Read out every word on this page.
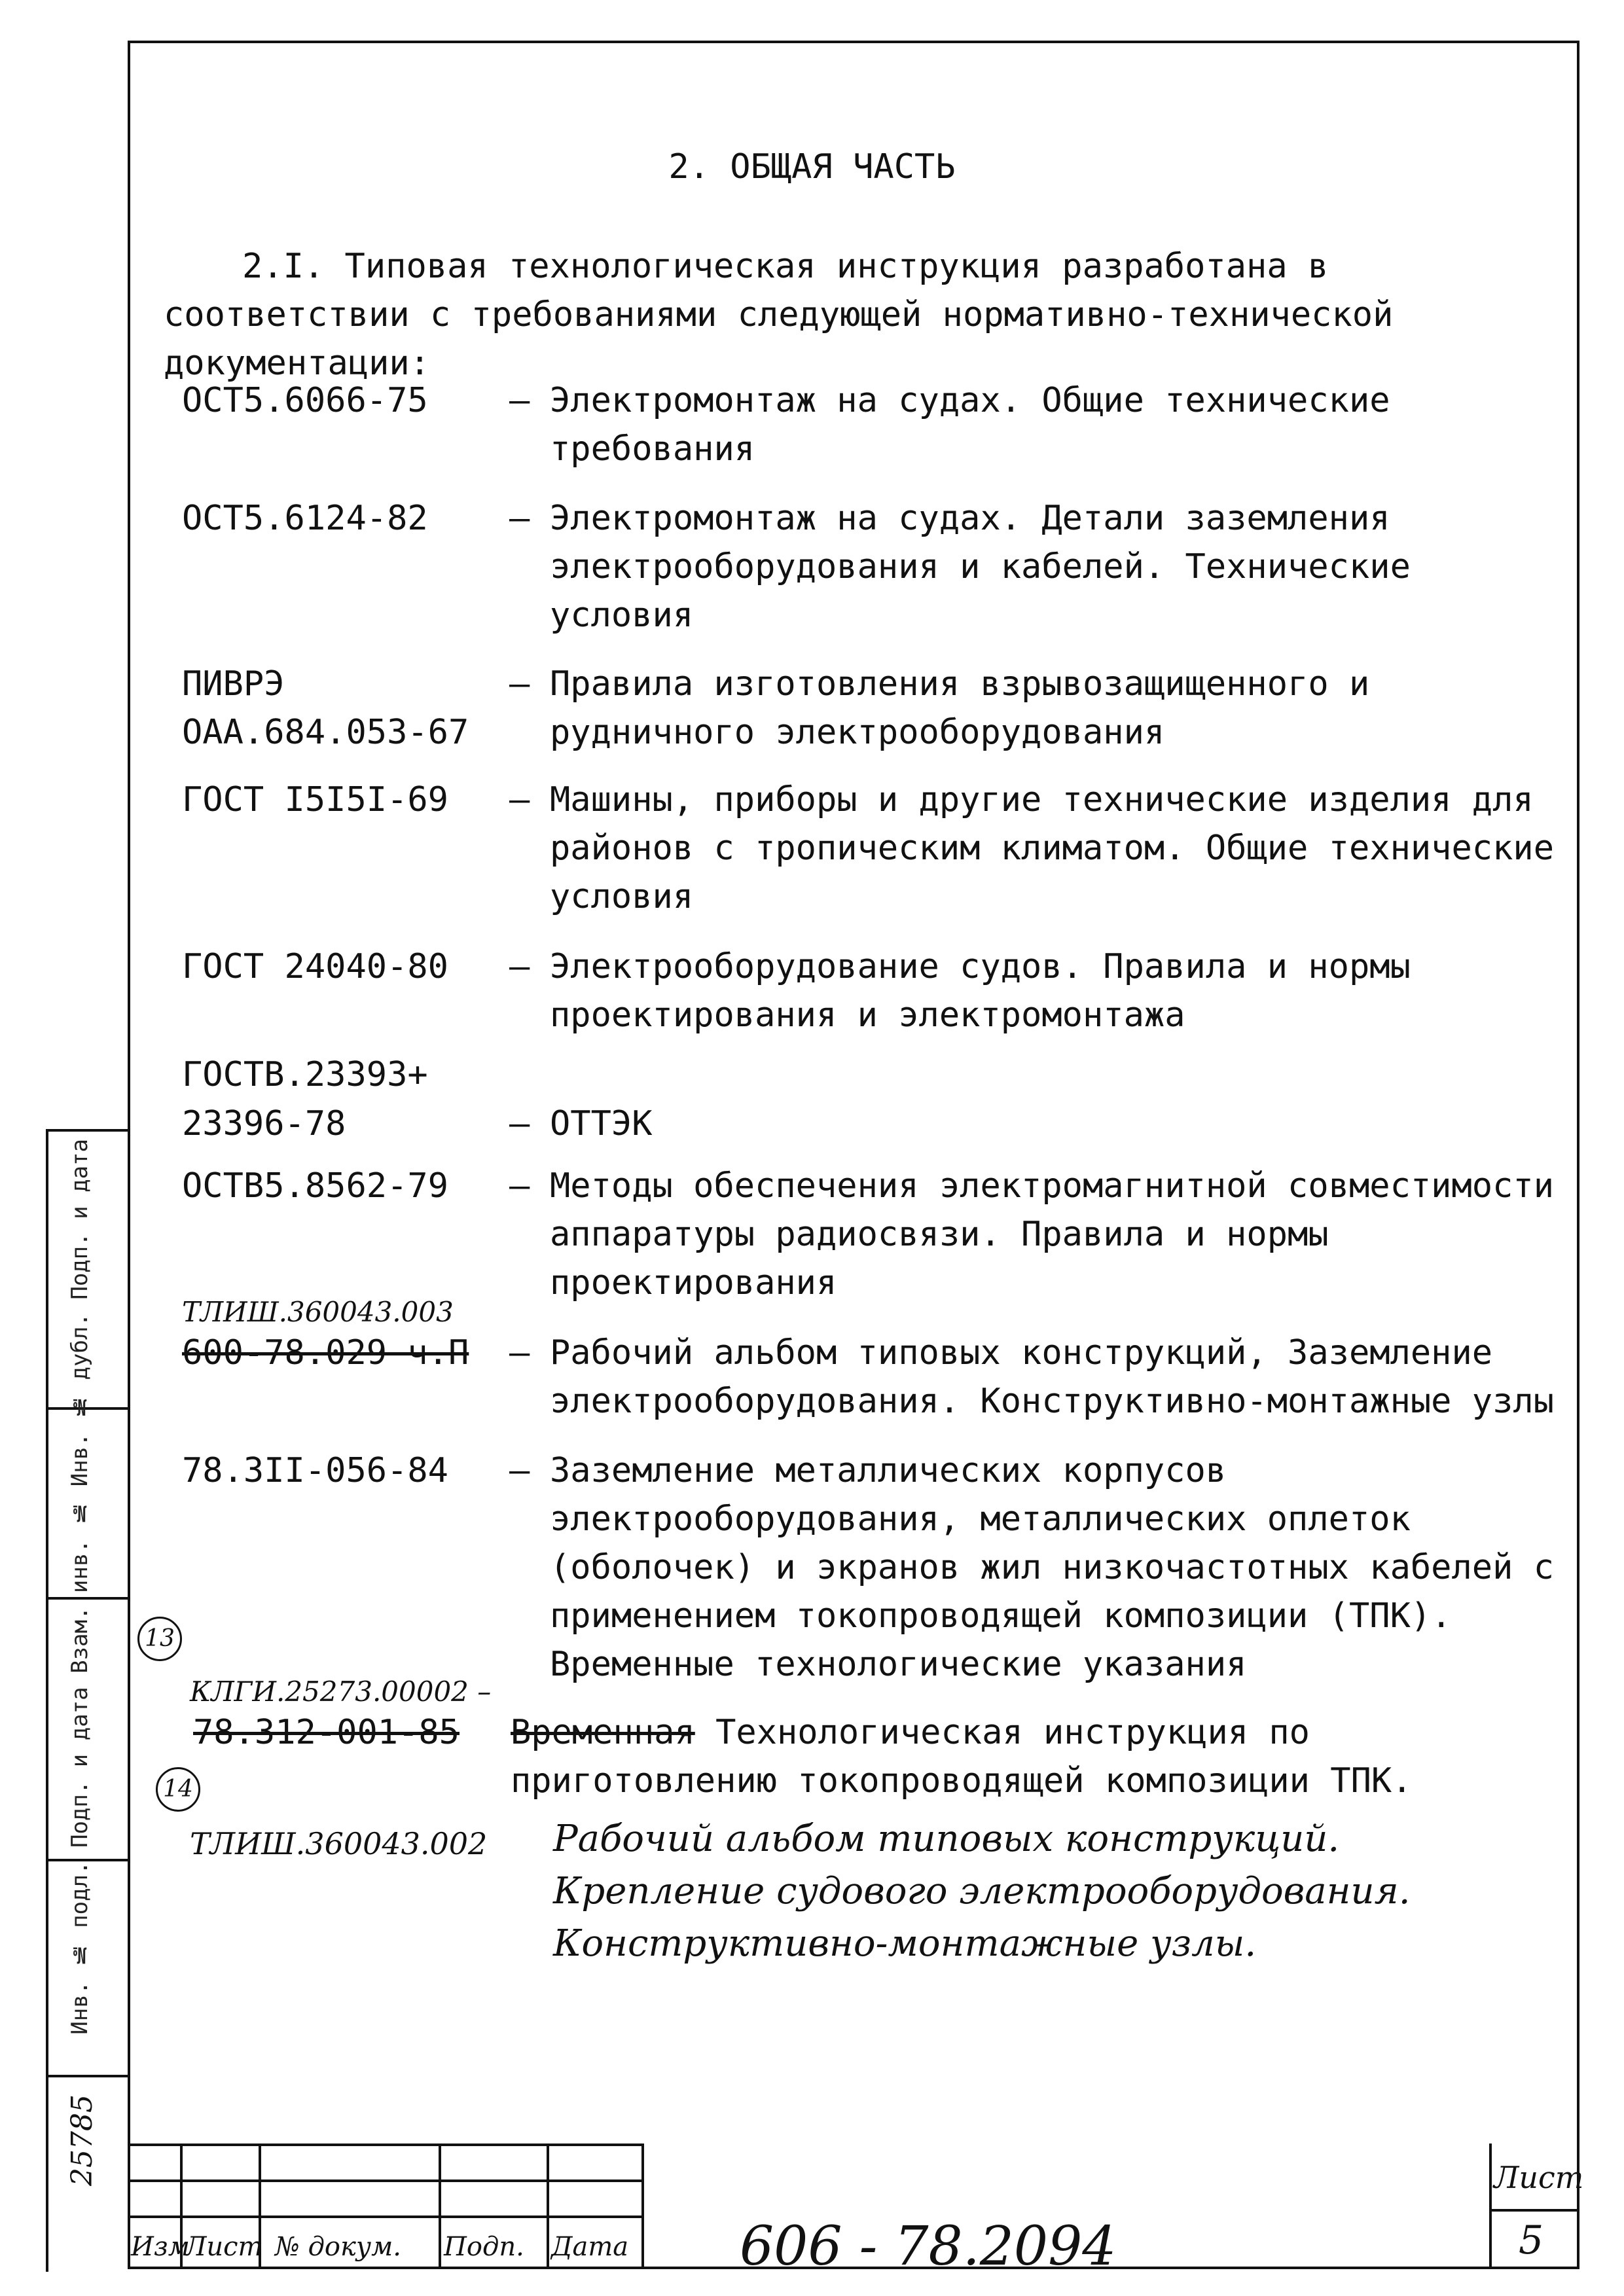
Инв. № подл. Подп. и дата Взам. инв. № Инв. № дубл. Подп. и дата
25785
2. ОБЩАЯ ЧАСТЬ
2.I. Типовая технологическая инструкция разработана в соответствии с требованиями следующей нормативно-технической документации:
ОСТ5.6066-75 – Электромонтаж на судах. Общие технические требования
ОСТ5.6124-82 – Электромонтаж на судах. Детали заземления электрооборудования и кабелей. Технические условия
ПИВРЭ
ОАА.684.053-67
– Правила изготовления взрывозащищенного и рудничного электрооборудования
ГОСТ I5I5I-69 – Машины, приборы и другие технические изделия для районов с тропическим климатом. Общие технические условия
ГОСТ 24040-80 – Электрооборудование судов. Правила и нормы проектирования и электромонтажа
ГОСТВ.23393+
23396-78	– ОТТЭК
ОСТВ5.8562-79 – Методы обеспечения электромагнитной совместимости аппаратуры радиосвязи. Правила и нормы проектирования
ТЛИШ.360043.003
600-78.029 ч.П – Рабочий альбом типовых конструкций, Заземление электрооборудования. Конструктивно-монтажные узлы
78.3II-056-84 – Заземление металлических корпусов электрооборудования, металлических оплеток (оболочек) и экранов жил низкочастотных кабелей с применением токопроводящей композиции (ТПК). Временные технологические указания
13
КЛГИ.25273.00002 –
78.312-001-85 Временная Технологическая инструкция по приготовлению токопроводящей композиции ТПК.
14
ТЛИШ.360043.002 Рабочий альбом типовых конструкций. Крепление судового электрооборудования. Конструктивно-монтажные узлы.
Изм
Лист № докум. Подп. Дата 606 - 78.2094
Лист
5
